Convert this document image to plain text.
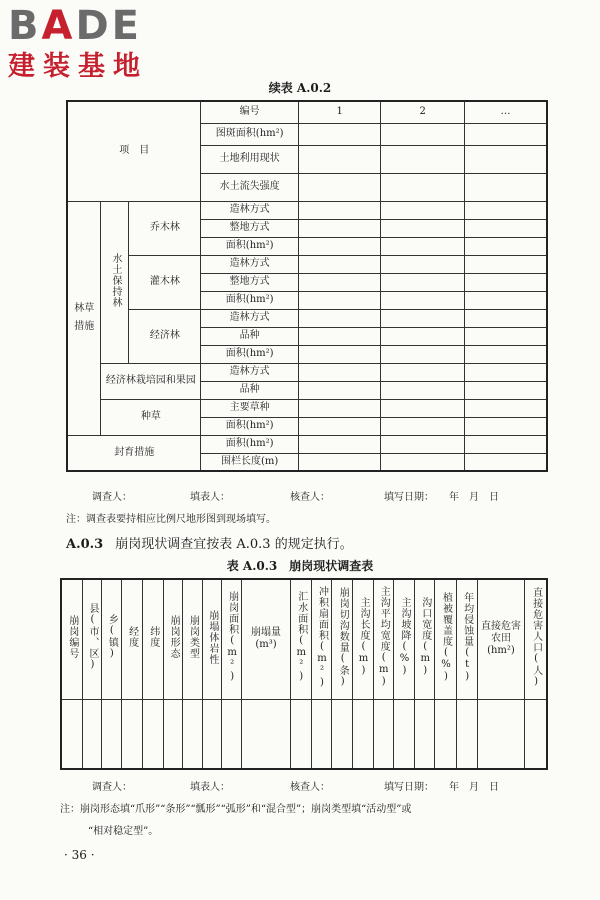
BADE
建装基地
续表 A.0.2
项　目			编号	1	2	…
			图斑面积(hm²)			
			土地利用现状			
			水土流失强度			
林草措施	水土保持林	乔木林	造林方式			
			整地方式			
			面积(hm²)			
		灌木林	造林方式			
			整地方式			
			面积(hm²)			
		经济林	造林方式			
			品种			
			面积(hm²)			
	经济林栽培园和果园		造林方式			
			品种			
	种草		主要草种			
			面积(hm²)			
封育措施			面积(hm²)			
			围栏长度(m)			
调查人：	填表人：	核查人：	填写日期：　　年　月　日
注：调查表要持相应比例尺地形图到现场填写。
A.0.3 崩岗现状调查宜按表 A.0.3 的规定执行。
表 A.0.3　崩岗现状调查表
崩岗编号	县(市、区)	乡(镇)	经度	纬度	崩岗形态	崩岗类型	崩塌体岩性	崩岗面积(m²)	崩塌量(m³)	汇水面积(m²)	冲积扇面积(m²)	崩岗切沟数量(条)	主沟长度(m)	主沟平均宽度(m)	主沟坡降(%)	沟口宽度(m)	植被覆盖度(%)	年均侵蚀量(t)	直接危害农田(hm²)	直接危害人口(人)

调查人：	填表人：	核查人：	填写日期：　　年　月　日
注：崩岗形态填“爪形”“条形”“瓢形”“弧形”和“混合型”；崩岗类型填“活动型”或
“相对稳定型”。
· 36 ·
